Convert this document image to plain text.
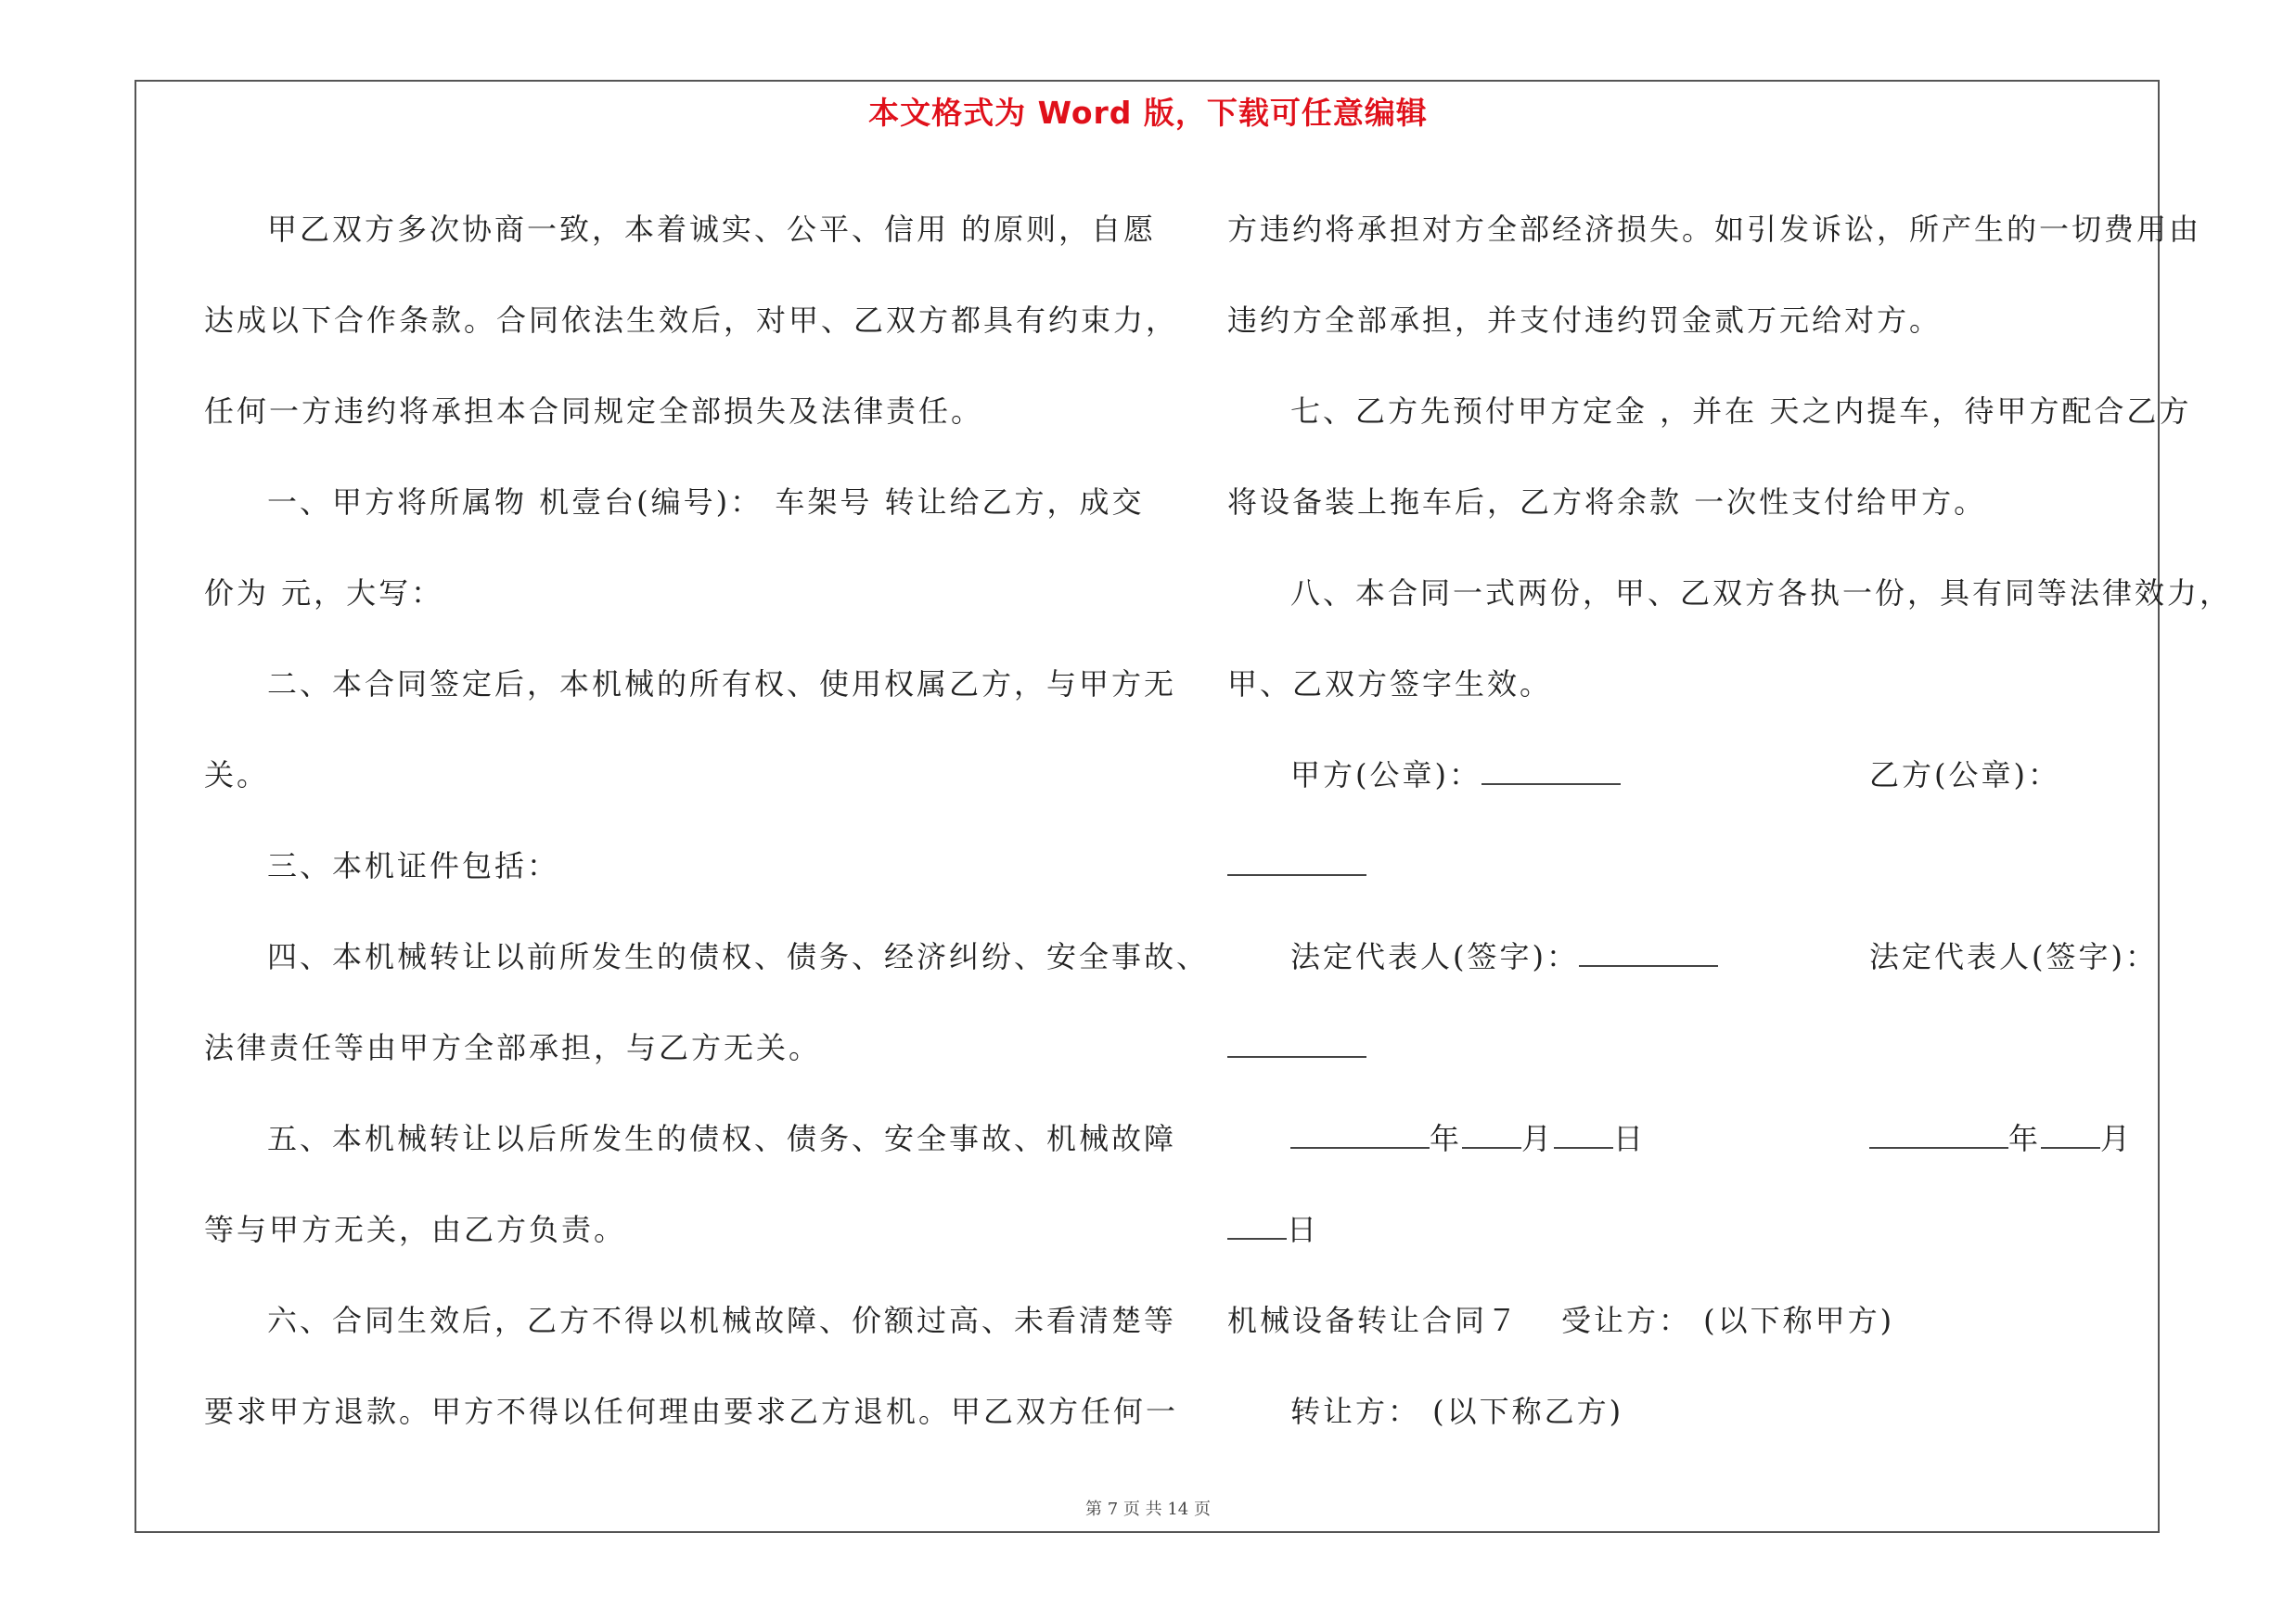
本文格式为 Word 版，下载可任意编辑
甲乙双方多次协商一致，本着诚实、公平、信用 的原则，自愿
达成以下合作条款。合同依法生效后，对甲、乙双方都具有约束力，
任何一方违约将承担本合同规定全部损失及法律责任。
一、甲方将所属物 机壹台(编号)： 车架号 转让给乙方，成交
价为 元，大写：
二、本合同签定后，本机械的所有权、使用权属乙方，与甲方无
关。
三、本机证件包括：
四、本机械转让以前所发生的债权、债务、经济纠纷、安全事故、
法律责任等由甲方全部承担，与乙方无关。
五、本机械转让以后所发生的债权、债务、安全事故、机械故障
等与甲方无关，由乙方负责。
六、合同生效后，乙方不得以机械故障、价额过高、未看清楚等
要求甲方退款。甲方不得以任何理由要求乙方退机。甲乙双方任何一
方违约将承担对方全部经济损失。如引发诉讼，所产生的一切费用由
违约方全部承担，并支付违约罚金贰万元给对方。
七、乙方先预付甲方定金 ，并在 天之内提车，待甲方配合乙方
将设备装上拖车后，乙方将余款 一次性支付给甲方。
八、本合同一式两份，甲、乙双方各执一份，具有同等法律效力，
甲、乙双方签字生效。
甲方(公章)：	乙方(公章)：
法定代表人(签字)：	法定代表人(签字)：
年 月 日	年 月
日
机械设备转让合同７ 受让方： (以下称甲方)
转让方： (以下称乙方)
第 7 页 共 14 页
